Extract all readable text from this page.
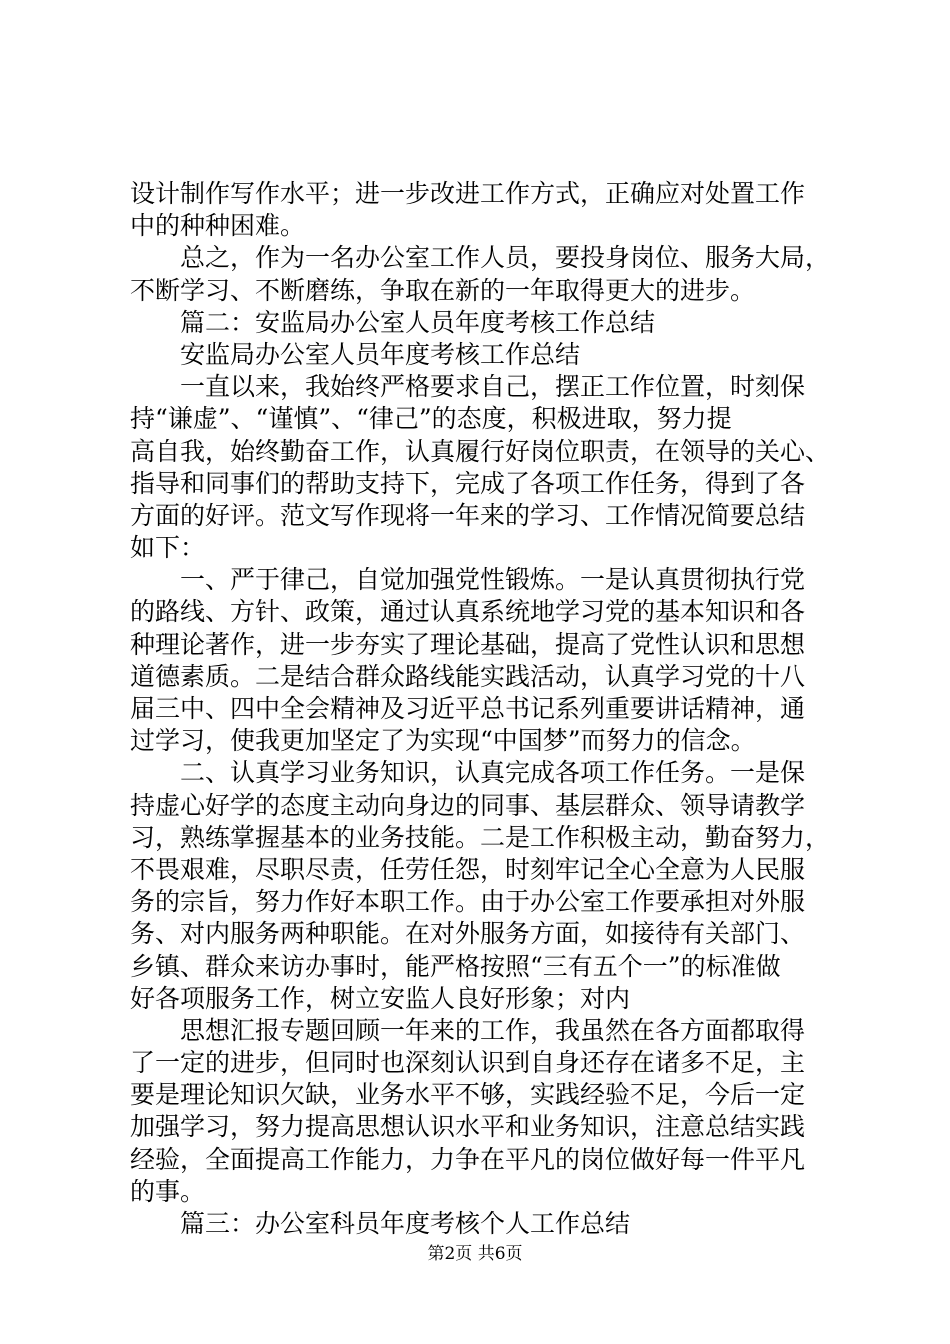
设计制作写作水平；进一步改进工作方式，正确应对处置工作
中的种种困难。
　　总之，作为一名办公室工作人员，要投身岗位、服务大局，
不断学习、不断磨练，争取在新的一年取得更大的进步。
　　篇二：安监局办公室人员年度考核工作总结
　　安监局办公室人员年度考核工作总结
　　一直以来，我始终严格要求自己，摆正工作位置，时刻保
持“谦虚”、“谨慎”、“律己”的态度，积极进取，努力提
高自我，始终勤奋工作，认真履行好岗位职责，在领导的关心、
指导和同事们的帮助支持下，完成了各项工作任务，得到了各
方面的好评。范文写作现将一年来的学习、工作情况简要总结
如下：
　　一、严于律己，自觉加强党性锻炼。一是认真贯彻执行党
的路线、方针、政策，通过认真系统地学习党的基本知识和各
种理论著作，进一步夯实了理论基础，提高了党性认识和思想
道德素质。二是结合群众路线能实践活动，认真学习党的十八
届三中、四中全会精神及习近平总书记系列重要讲话精神，通
过学习，使我更加坚定了为实现“中国梦”而努力的信念。
　　二、认真学习业务知识，认真完成各项工作任务。一是保
持虚心好学的态度主动向身边的同事、基层群众、领导请教学
习，熟练掌握基本的业务技能。二是工作积极主动，勤奋努力，
不畏艰难，尽职尽责，任劳任怨，时刻牢记全心全意为人民服
务的宗旨，努力作好本职工作。由于办公室工作要承担对外服
务、对内服务两种职能。在对外服务方面，如接待有关部门、
乡镇、群众来访办事时，能严格按照“三有五个一”的标准做
好各项服务工作，树立安监人良好形象；对内
　　思想汇报专题回顾一年来的工作，我虽然在各方面都取得
了一定的进步，但同时也深刻认识到自身还存在诸多不足，主
要是理论知识欠缺，业务水平不够，实践经验不足，今后一定
加强学习，努力提高思想认识水平和业务知识，注意总结实践
经验，全面提高工作能力，力争在平凡的岗位做好每一件平凡
的事。
　　篇三：办公室科员年度考核个人工作总结
第2页 共6页
